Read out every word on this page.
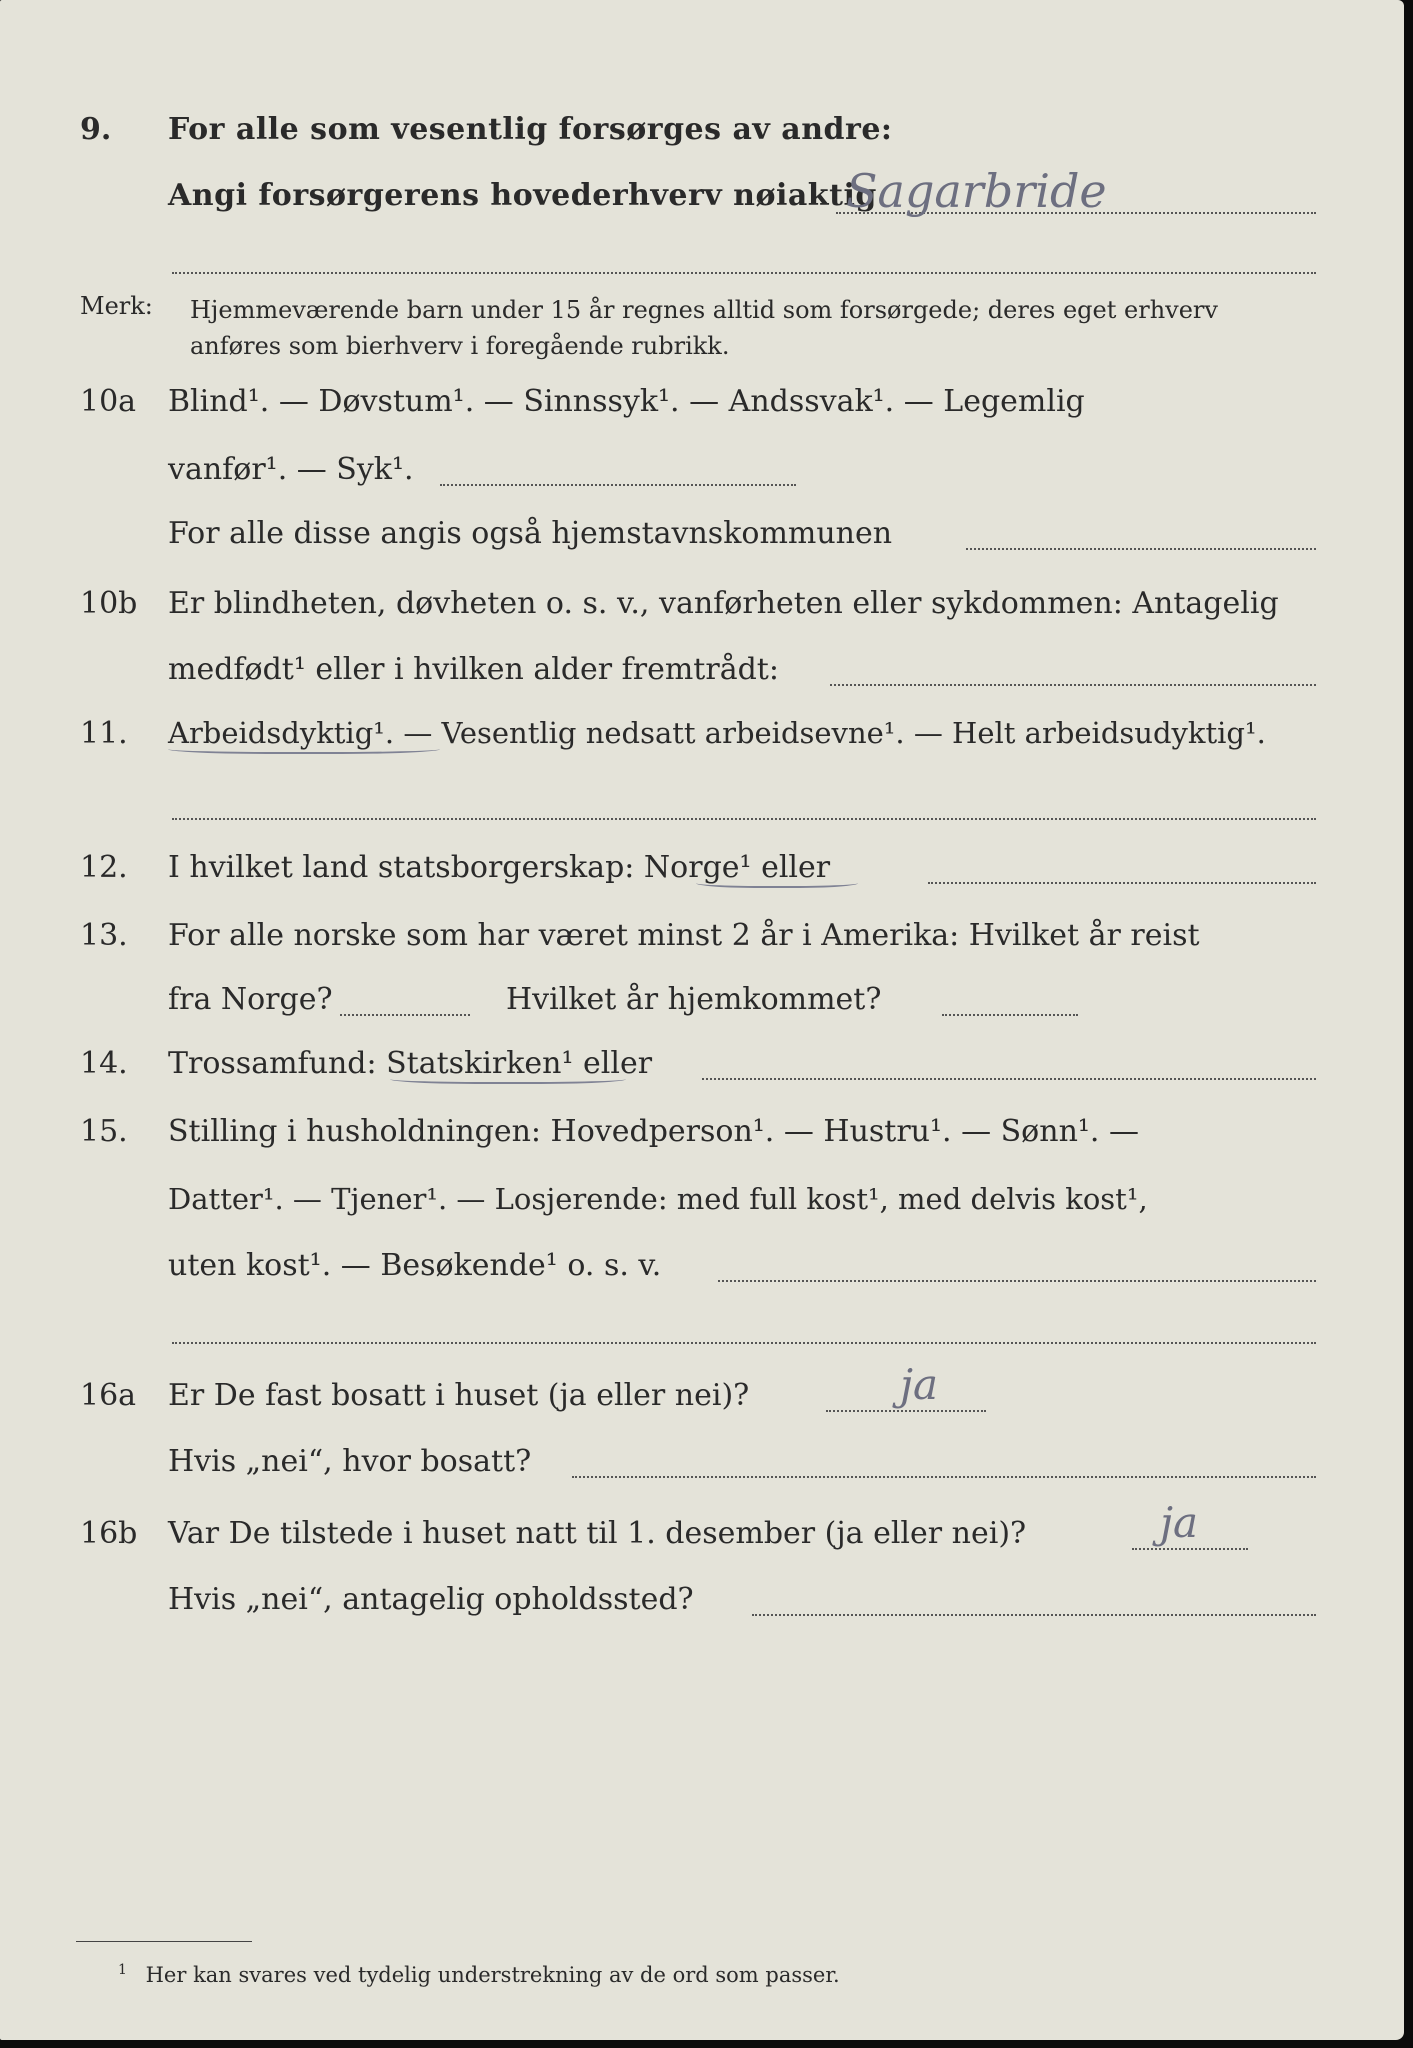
9. For alle som vesentlig forsørges av andre:
Angi forsørgerens hovederhverv nøiaktig
Sagarbride
Merk: Hjemmeværende barn under 15 år regnes alltid som forsørgede; deres eget erhverv anføres som bierhverv i foregående rubrikk.
10a Blind¹. — Døvstum¹. — Sinnssyk¹. — Andssvak¹. — Legemlig
vanfør¹. — Syk¹.
For alle disse angis også hjemstavnskommunen
10b Er blindheten, døvheten o. s. v., vanførheten eller sykdommen: Antagelig
medfødt¹ eller i hvilken alder fremtrådt:
11. Arbeidsdyktig¹. — Vesentlig nedsatt arbeidsevne¹. — Helt arbeidsudyktig¹.
12. I hvilket land statsborgerskap: Norge¹ eller
13. For alle norske som har været minst 2 år i Amerika: Hvilket år reist
fra Norge?	Hvilket år hjemkommet?
14. Trossamfund: Statskirken¹ eller
15. Stilling i husholdningen: Hovedperson¹. — Hustru¹. — Sønn¹. —
Datter¹. — Tjener¹. — Losjerende: med full kost¹, med delvis kost¹,
uten kost¹. — Besøkende¹ o. s. v.
16a Er De fast bosatt i huset (ja eller nei)?	ja
Hvis „nei“, hvor bosatt?
16b Var De tilstede i huset natt til 1. desember (ja eller nei)?	ja
Hvis „nei“, antagelig opholdssted?
$^1$ Her kan svares ved tydelig understrekning av de ord som passer.
